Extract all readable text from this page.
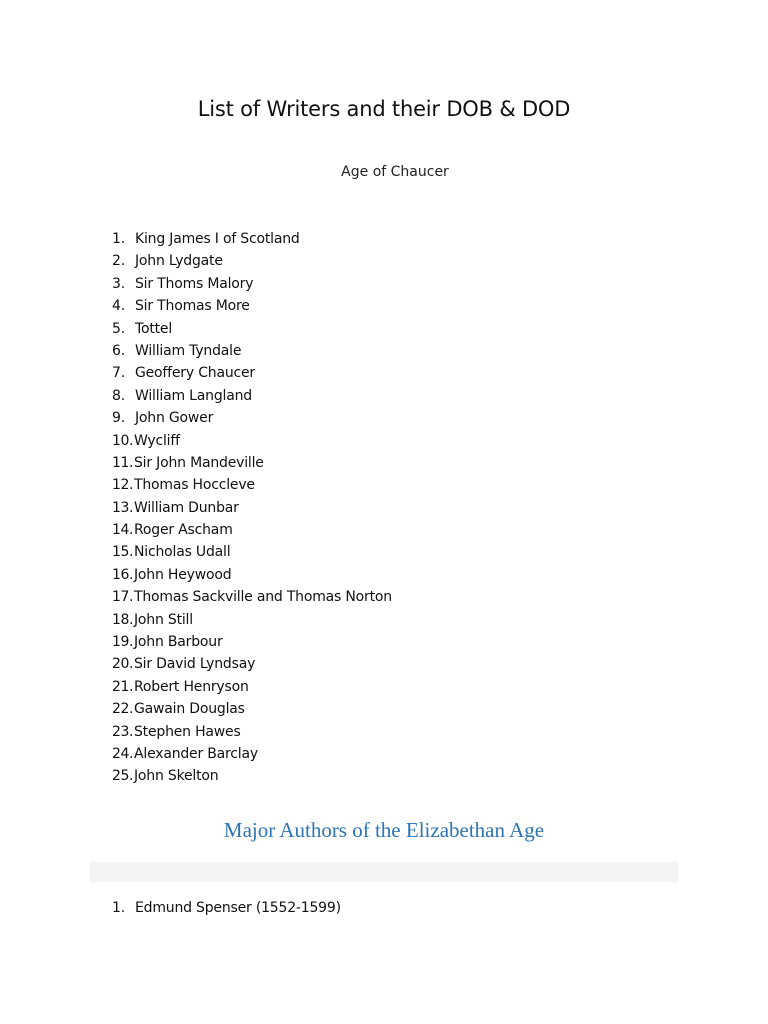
List of Writers and their DOB & DOD
Age of Chaucer
1. King James I of Scotland
2. John Lydgate
3. Sir Thoms Malory
4. Sir Thomas More
5. Tottel
6. William Tyndale
7. Geoffery Chaucer
8. William Langland
9. John Gower
10.Wycliff
11.Sir John Mandeville
12.Thomas Hoccleve
13.William Dunbar
14.Roger Ascham
15.Nicholas Udall
16.John Heywood
17.Thomas Sackville and Thomas Norton
18.John Still
19.John Barbour
20.Sir David Lyndsay
21.Robert Henryson
22.Gawain Douglas
23.Stephen Hawes
24.Alexander Barclay
25.John Skelton
Major Authors of the Elizabethan Age
1. Edmund Spenser (1552-1599)
